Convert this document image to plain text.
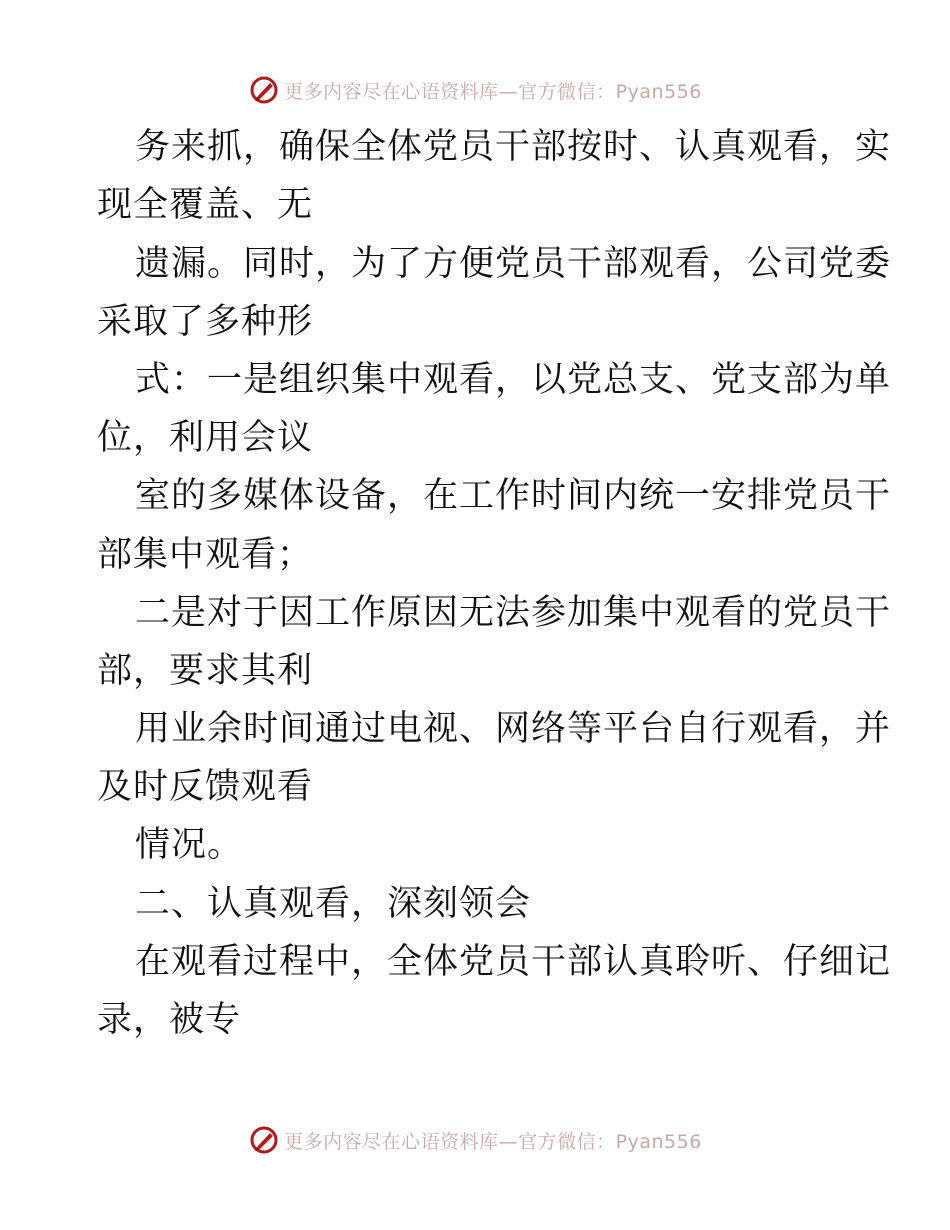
更多内容尽在心语资料库—官方微信：Pyan556
务来抓，确保全体党员干部按时、认真观看，实
现全覆盖、无
遗漏。同时，为了方便党员干部观看，公司党委
采取了多种形
式：一是组织集中观看，以党总支、党支部为单
位，利用会议
室的多媒体设备，在工作时间内统一安排党员干
部集中观看；
二是对于因工作原因无法参加集中观看的党员干
部，要求其利
用业余时间通过电视、网络等平台自行观看，并
及时反馈观看
情况。
二、认真观看，深刻领会
在观看过程中，全体党员干部认真聆听、仔细记
录，被专
更多内容尽在心语资料库—官方微信：Pyan556
